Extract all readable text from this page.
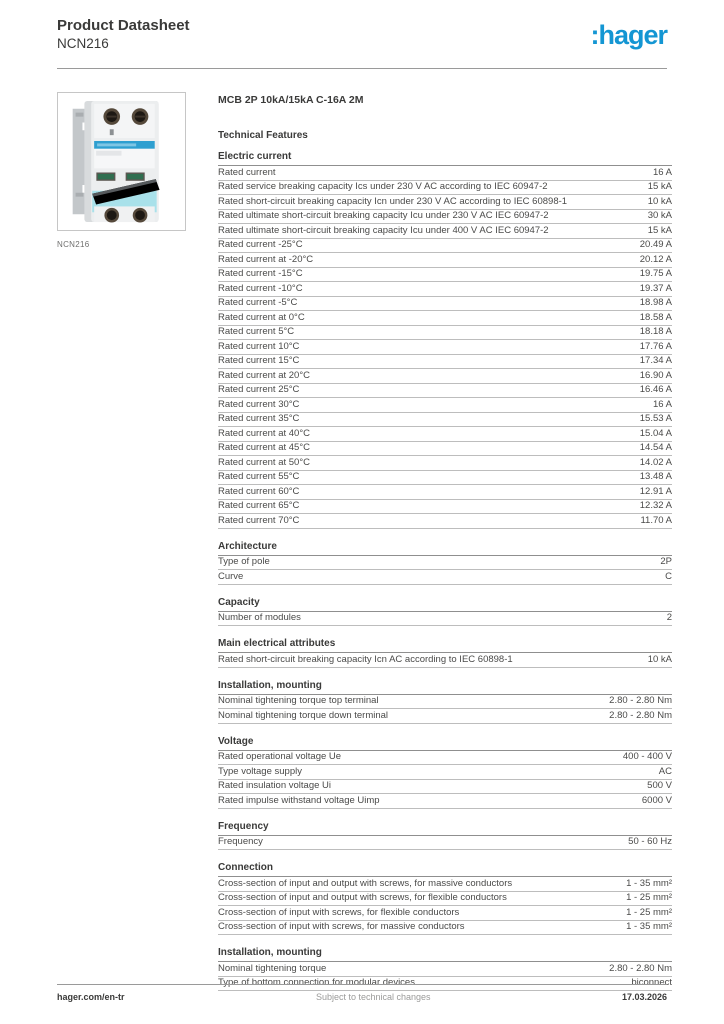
Product Datasheet
NCN216	:hager
NCN216
MCB 2P 10kA/15kA C-16A 2M
Technical Features
Electric current
Rated current	16 A
Rated service breaking capacity Ics under 230 V AC according to IEC 60947-2	15 kA
Rated short-circuit breaking capacity Icn under 230 V AC according to IEC 60898-1	10 kA
Rated ultimate short-circuit breaking capacity Icu under 230 V AC IEC 60947-2	30 kA
Rated ultimate short-circuit breaking capacity Icu under 400 V AC IEC 60947-2	15 kA
Rated current -25°C	20.49 A
Rated current at -20°C	20.12 A
Rated current -15°C	19.75 A
Rated current -10°C	19.37 A
Rated current -5°C	18.98 A
Rated current at 0°C	18.58 A
Rated current 5°C	18.18 A
Rated current 10°C	17.76 A
Rated current 15°C	17.34 A
Rated current at 20°C	16.90 A
Rated current 25°C	16.46 A
Rated current 30°C	16 A
Rated current 35°C	15.53 A
Rated current at 40°C	15.04 A
Rated current at 45°C	14.54 A
Rated current at 50°C	14.02 A
Rated current 55°C	13.48 A
Rated current 60°C	12.91 A
Rated current 65°C	12.32 A
Rated current 70°C	11.70 A
Architecture
Type of pole	2P
Curve	C
Capacity
Number of modules	2
Main electrical attributes
Rated short-circuit breaking capacity Icn AC according to IEC 60898-1	10 kA
Installation, mounting
Nominal tightening torque top terminal	2.80 - 2.80 Nm
Nominal tightening torque down terminal	2.80 - 2.80 Nm
Voltage
Rated operational voltage Ue	400 - 400 V
Type voltage supply	AC
Rated insulation voltage Ui	500 V
Rated impulse withstand voltage Uimp	6000 V
Frequency
Frequency	50 - 60 Hz
Connection
Cross-section of input and output with screws, for massive conductors	1 - 35 mm²
Cross-section of input and output with screws, for flexible conductors	1 - 25 mm²
Cross-section of input with screws, for flexible conductors	1 - 25 mm²
Cross-section of input with screws, for massive conductors	1 - 35 mm²
Installation, mounting
Nominal tightening torque	2.80 - 2.80 Nm
Type of bottom connection for modular devices	biconnect
hager.com/en-tr	Subject to technical changes	17.03.2026
